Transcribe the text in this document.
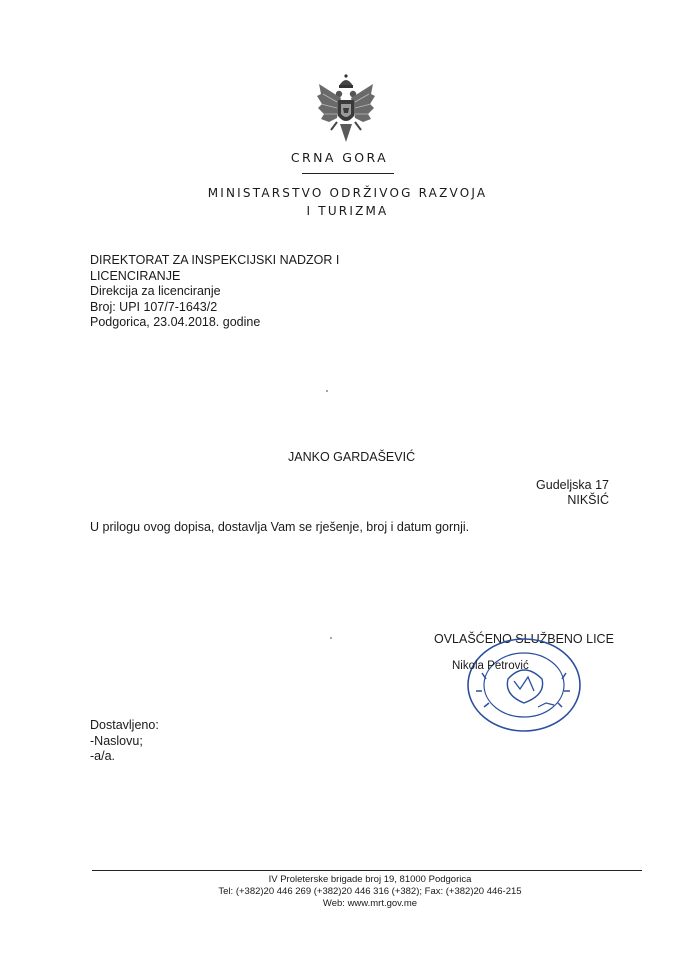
CRNA GORA
MINISTARSTVO ODRŽIVOG RAZVOJA
I TURIZMA
DIREKTORAT ZA INSPEKCIJSKI NADZOR I
LICENCIRANJE
Direkcija za licenciranje
Broj: UPI 107/7-1643/2
Podgorica, 23.04.2018. godine
JANKO GARDAŠEVIĆ
Gudeljska 17
NIKŠIĆ
U prilogu ovog dopisa, dostavlja Vam se rješenje, broj i datum gornji.
OVLAŠĆENO SLUŽBENO LICE
Nikola Petrović
Dostavljeno:
-Naslovu;
-a/a.
IV Proleterske brigade broj 19, 81000 Podgorica
Tel: (+382)20 446 269 (+382)20 446 316 (+382); Fax: (+382)20 446-215
Web: www.mrt.gov.me
